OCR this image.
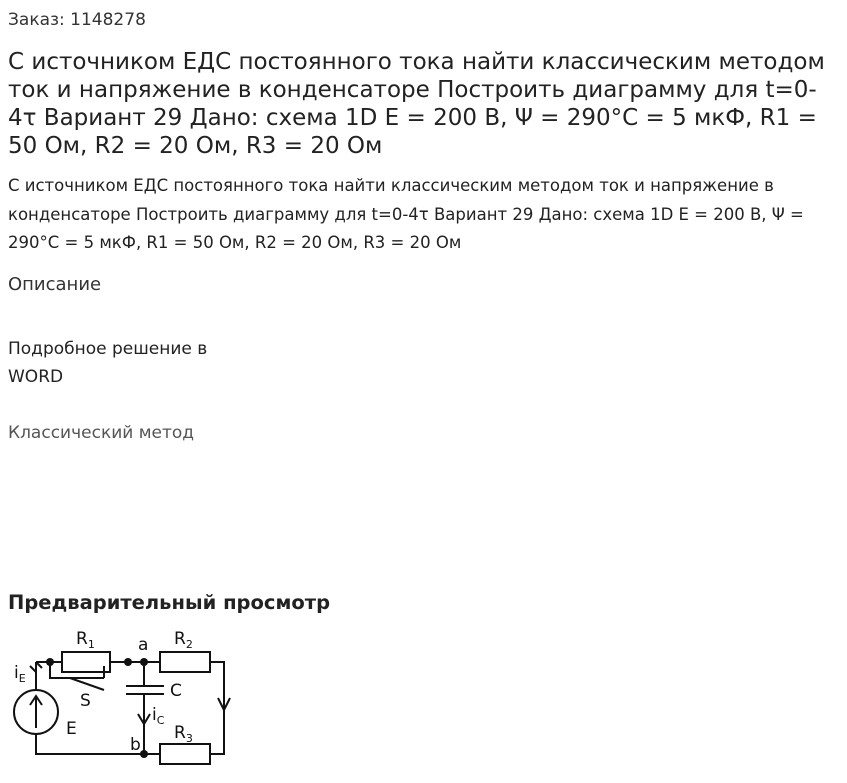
Заказ: 1148278
С источником ЕДС постоянного тока найти классическим методом ток и напряжение в конденсаторе Построить диаграмму для t=0-4τ Вариант 29 Дано: схема 1D Е = 200 В, Ψ = 290°C = 5 мкФ, R1 = 50 Ом, R2 = 20 Ом, R3 = 20 Ом
С источником ЕДС постоянного тока найти классическим методом ток и напряжение в конденсаторе Построить диаграмму для t=0-4τ Вариант 29 Дано: схема 1D Е = 200 В, Ψ = 290°C = 5 мкФ, R1 = 50 Ом, R2 = 20 Ом, R3 = 20 Ом
Описание
Подробное решение в WORD
Классический метод
Предварительный просмотр
$R_1$	a $R_2$
C
S
E
$i_E$
$i_C$
b
$R_3$
